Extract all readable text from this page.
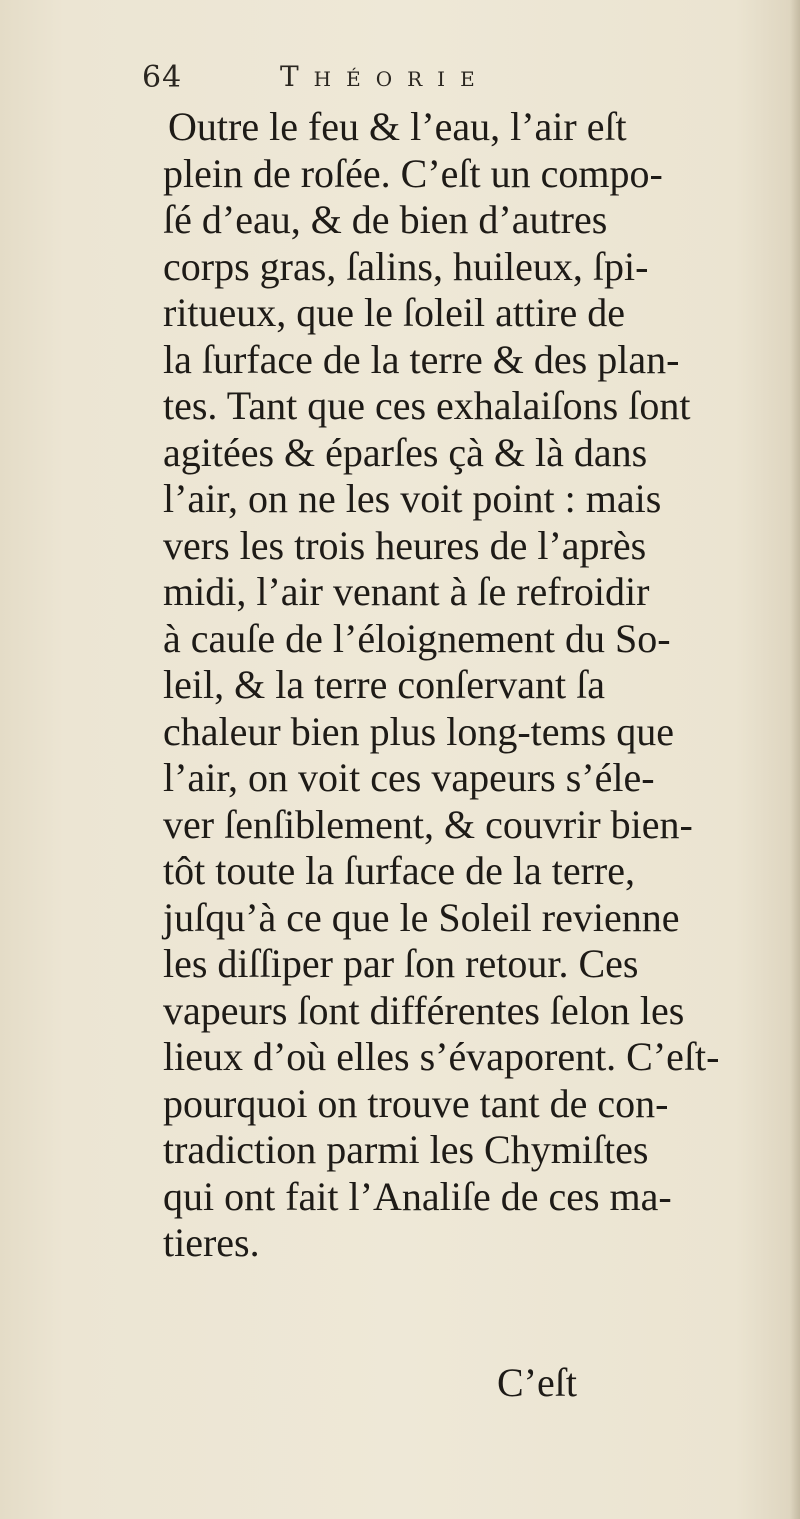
64	Théorie
Outre le feu & l’eau, l’air eſt
plein de roſée. C’eſt un compo-
ſé d’eau, & de bien d’autres
corps gras, ſalins, huileux, ſpi-
ritueux, que le ſoleil attire de
la ſurface de la terre & des plan-
tes. Tant que ces exhalaiſons ſont
agitées & éparſes çà & là dans
l’air, on ne les voit point : mais
vers les trois heures de l’après
midi, l’air venant à ſe refroidir
à cauſe de l’éloignement du So-
leil, & la terre conſervant ſa
chaleur bien plus long-tems que
l’air, on voit ces vapeurs s’éle-
ver ſenſiblement, & couvrir bien-
tôt toute la ſurface de la terre,
juſqu’à ce que le Soleil revienne
les diſſiper par ſon retour. Ces
vapeurs ſont différentes ſelon les
lieux d’où elles s’évaporent. C’eſt-
pourquoi on trouve tant de con-
tradiction parmi les Chymiſtes
qui ont fait l’Analiſe de ces ma-
tieres.
C’eſt
